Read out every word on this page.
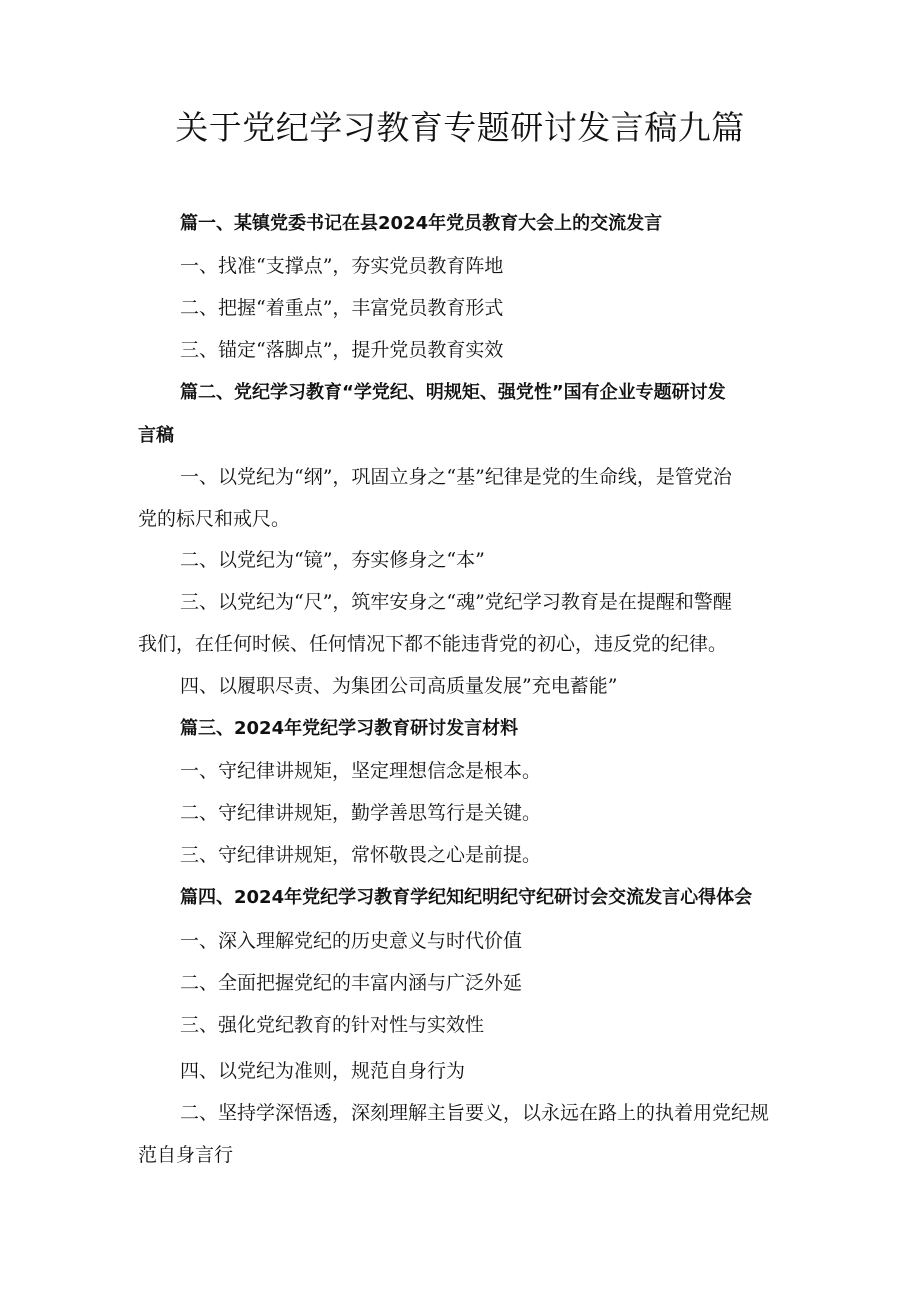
关于党纪学习教育专题研讨发言稿九篇
篇一、某镇党委书记在县2024年党员教育大会上的交流发言
一、找准“支撑点”，夯实党员教育阵地
二、把握“着重点”，丰富党员教育形式
三、锚定“落脚点”，提升党员教育实效
篇二、党纪学习教育“学党纪、明规矩、强党性”国有企业专题研讨发
言稿
一、以党纪为“纲”，巩固立身之“基”纪律是党的生命线，是管党治
党的标尺和戒尺。
二、以党纪为“镜”，夯实修身之“本”
三、以党纪为“尺”，筑牢安身之“魂”党纪学习教育是在提醒和警醒
我们，在任何时候、任何情况下都不能违背党的初心，违反党的纪律。
四、以履职尽责、为集团公司高质量发展”充电蓄能”
篇三、2024年党纪学习教育研讨发言材料
一、守纪律讲规矩，坚定理想信念是根本。
二、守纪律讲规矩，勤学善思笃行是关键。
三、守纪律讲规矩，常怀敬畏之心是前提。
篇四、2024年党纪学习教育学纪知纪明纪守纪研讨会交流发言心得体会
一、深入理解党纪的历史意义与时代价值
二、全面把握党纪的丰富内涵与广泛外延
三、强化党纪教育的针对性与实效性
四、以党纪为准则，规范自身行为
二、坚持学深悟透，深刻理解主旨要义，以永远在路上的执着用党纪规
范自身言行
